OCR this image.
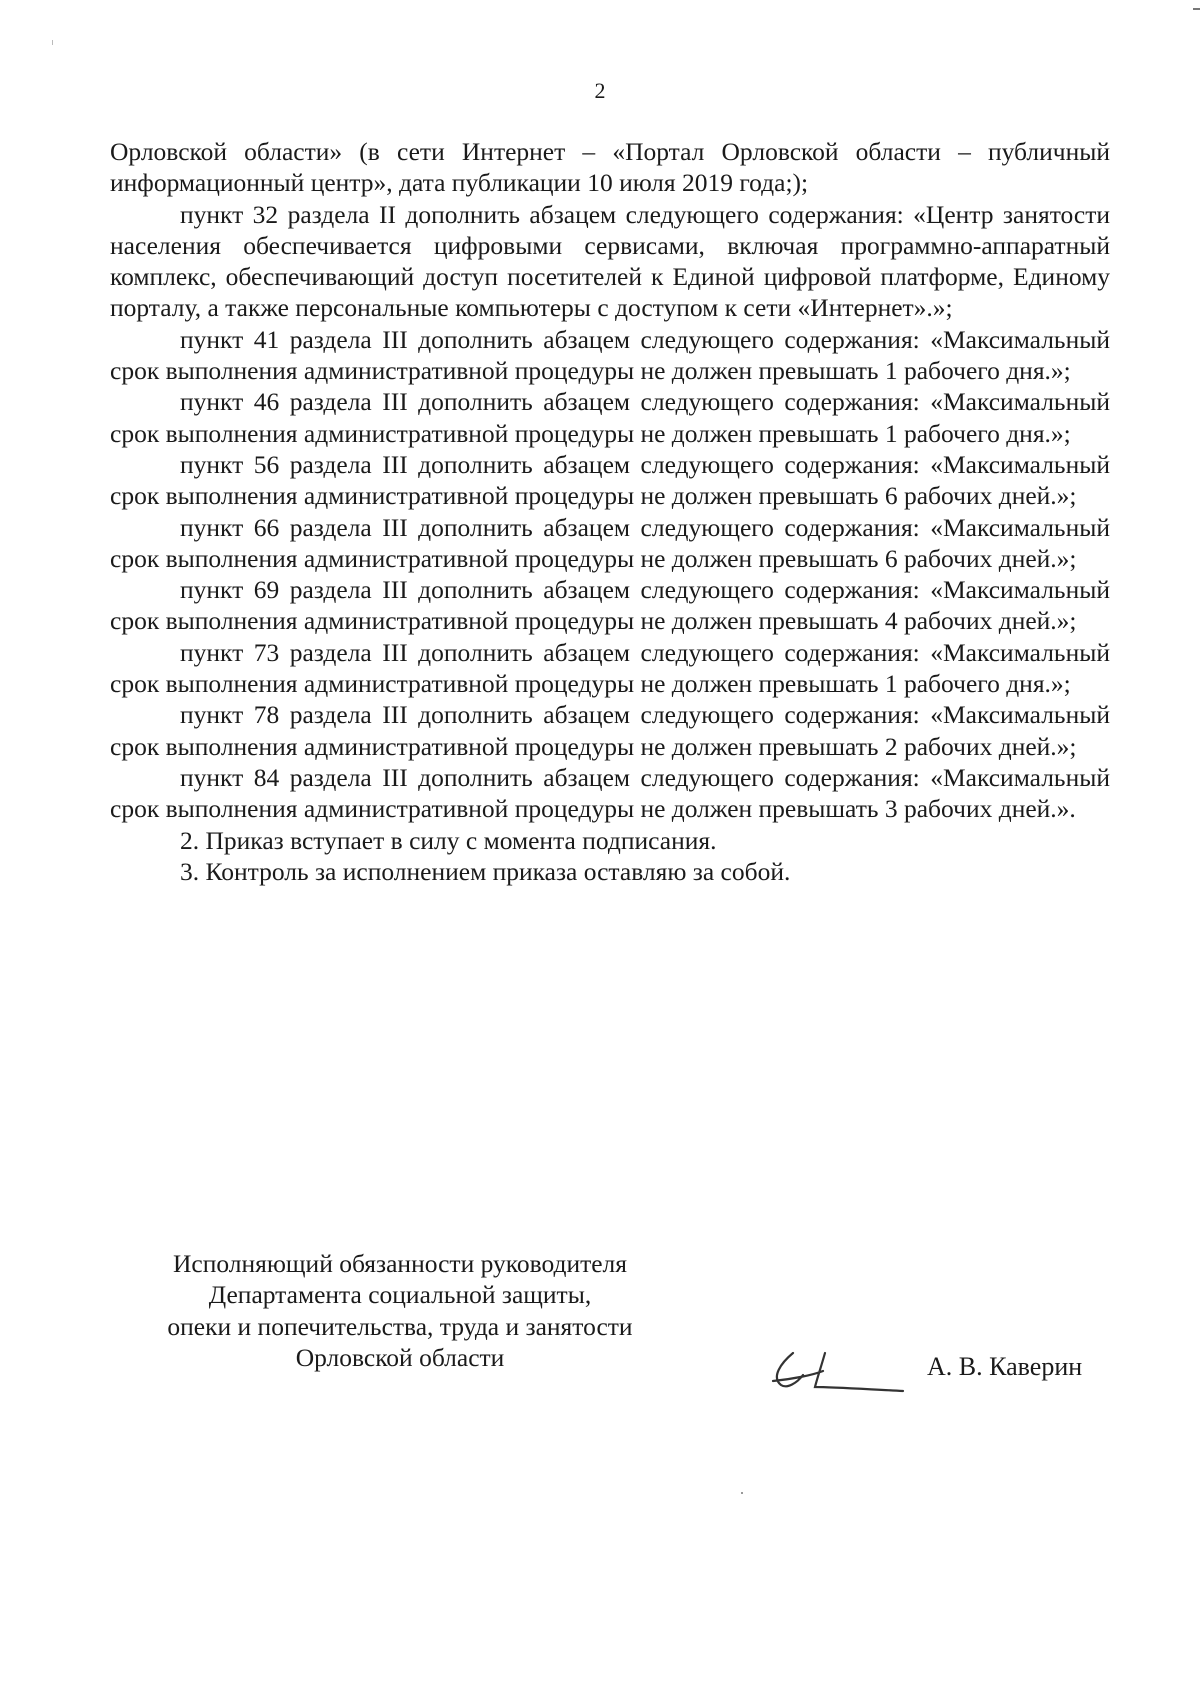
2

Орловской области» (в сети Интернет – «Портал Орловской области – публичный информационный центр», дата публикации 10 июля 2019 года;);

пункт 32 раздела II дополнить абзацем следующего содержания: «Центр занятости населения обеспечивается цифровыми сервисами, включая программно-аппаратный комплекс, обеспечивающий доступ посетителей к Единой цифровой платформе, Единому порталу, а также персональные компьютеры с доступом к сети «Интернет».»;

пункт 41 раздела III дополнить абзацем следующего содержания: «Максимальный срок выполнения административной процедуры не должен превышать 1 рабочего дня.»;

пункт 46 раздела III дополнить абзацем следующего содержания: «Максимальный срок выполнения административной процедуры не должен превышать 1 рабочего дня.»;

пункт 56 раздела III дополнить абзацем следующего содержания: «Максимальный срок выполнения административной процедуры не должен превышать 6 рабочих дней.»;

пункт 66 раздела III дополнить абзацем следующего содержания: «Максимальный срок выполнения административной процедуры не должен превышать 6 рабочих дней.»;

пункт 69 раздела III дополнить абзацем следующего содержания: «Максимальный срок выполнения административной процедуры не должен превышать 4 рабочих дней.»;

пункт 73 раздела III дополнить абзацем следующего содержания: «Максимальный срок выполнения административной процедуры не должен превышать 1 рабочего дня.»;

пункт 78 раздела III дополнить абзацем следующего содержания: «Максимальный срок выполнения административной процедуры не должен превышать 2 рабочих дней.»;

пункт 84 раздела III дополнить абзацем следующего содержания: «Максимальный срок выполнения административной процедуры не должен превышать 3 рабочих дней.».

2. Приказ вступает в силу с момента подписания.

3. Контроль за исполнением приказа оставляю за собой.

Исполняющий обязанности руководителя
Департамента социальной защиты,
опеки и попечительства, труда и занятости
Орловской области	А. В. Каверин
